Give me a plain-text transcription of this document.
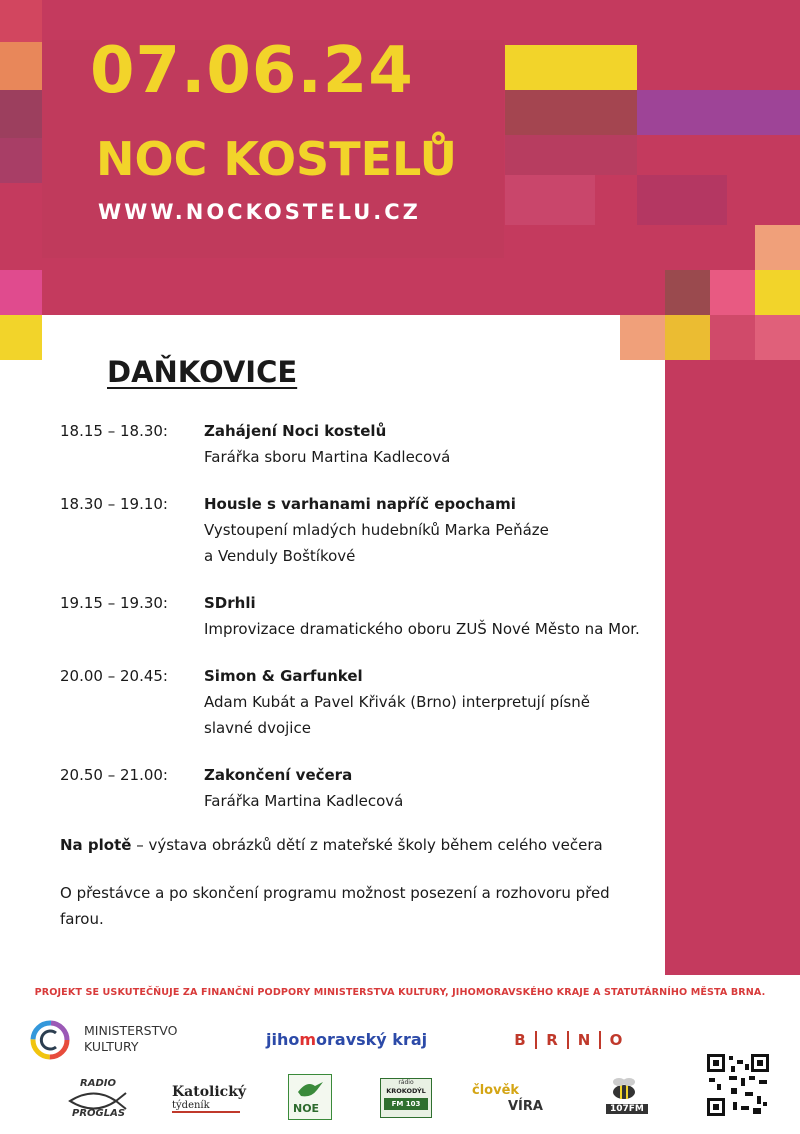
07.06.24
NOC KOSTELŮ
WWW.NOCKOSTELU.CZ
DAŇKOVICE
18.15 – 18.30:	Zahájení Noci kostelů
Farářka sboru Martina Kadlecová
18.30 – 19.10:	Housle s varhanami napříč epochami
Vystoupení mladých hudebníků Marka Peňáze
a Venduly Boštíkové
19.15 – 19.30:	SDrhli
Improvizace dramatického oboru ZUŠ Nové Město na Mor.
20.00 – 20.45:	Simon & Garfunkel
Adam Kubát a Pavel Křivák (Brno) interpretují písně
slavné dvojice
20.50 – 21.00:	Zakončení večera
Farářka Martina Kadlecová
Na plotě – výstava obrázků dětí z mateřské školy během celého večera
O přestávce a po skončení programu možnost posezení a rozhovoru před farou.
PROJEKT SE USKUTEČŇUJE ZA FINANČNÍ PODPORY MINISTERSTVA KULTURY, JIHOMORAVSKÉHO KRAJE A STATUTÁRNÍHO MĚSTA BRNA.
MINISTERSTVO
KULTURY	jihomoravský kraj	B R N O
RADIO
PROGLAS
Katolický
týdeník	NOE
rádio
KROKODÝL
FM 103
člověk
VÍRA	107FM
